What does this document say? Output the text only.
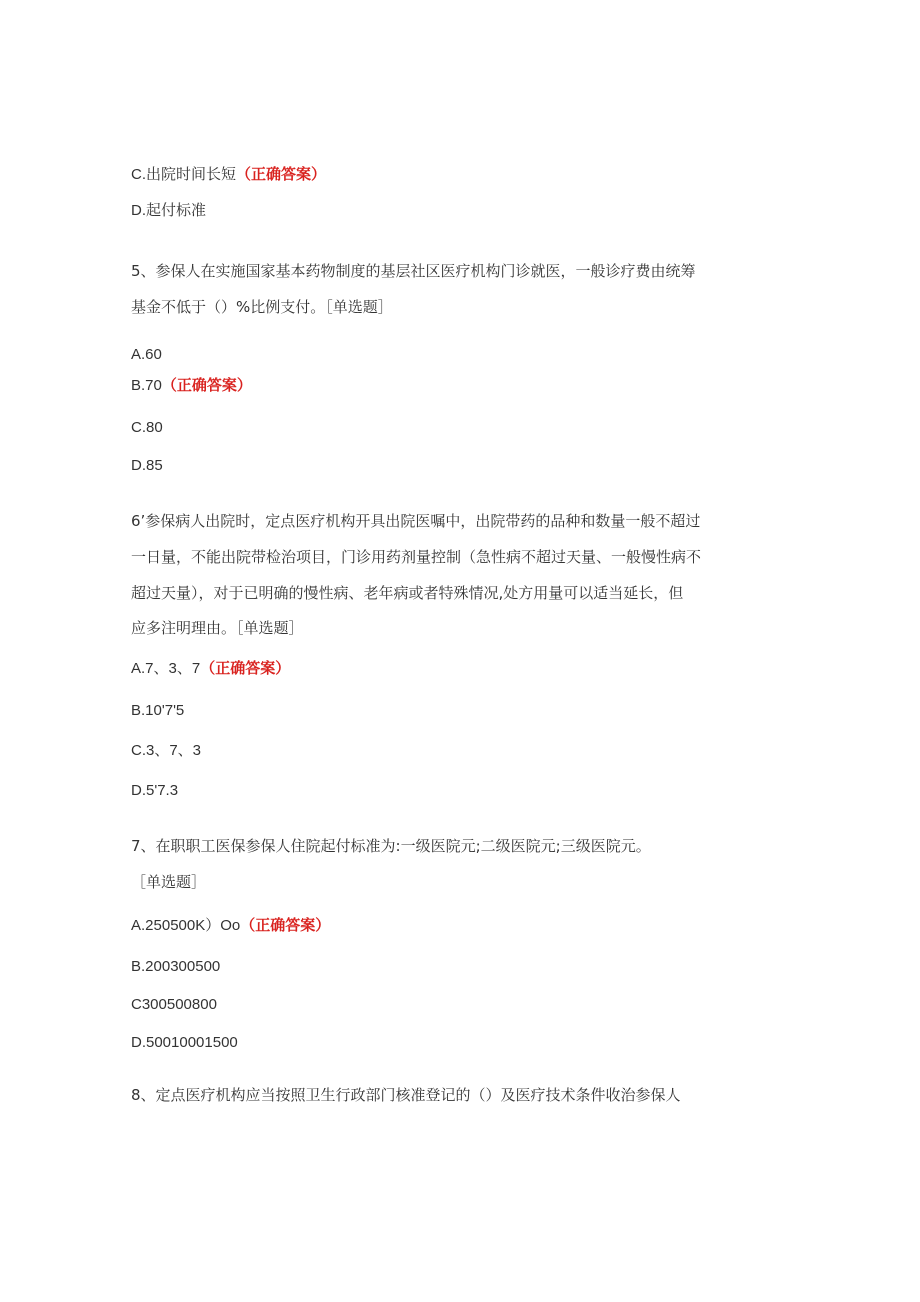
C.出院时间长短（正确答案）
D.起付标准
5、参保人在实施国家基本药物制度的基层社区医疗机构门诊就医，一般诊疗费由统筹
基金不低于（）%比例支付。［单选题］
A.60
B.70（正确答案）
C.80
D.85
6’参保病人出院时，定点医疗机构开具出院医嘱中，出院带药的品种和数量一般不超过
一日量，不能出院带检治项目，门诊用药剂量控制（急性病不超过天量、一般慢性病不
超过天量），对于已明确的慢性病、老年病或者特殊情况,处方用量可以适当延长，但
应多注明理由。［单选题］
A.7、3、7（正确答案）
B.10'7'5
C.3、7、3
D.5'7.3
7、在职职工医保参保人住院起付标准为:一级医院元;二级医院元;三级医院元。
［单选题］
A.250500K）Oo（正确答案）
B.200300500
C300500800
D.50010001500
8、定点医疗机构应当按照卫生行政部门核准登记的（）及医疗技术条件收治参保人
